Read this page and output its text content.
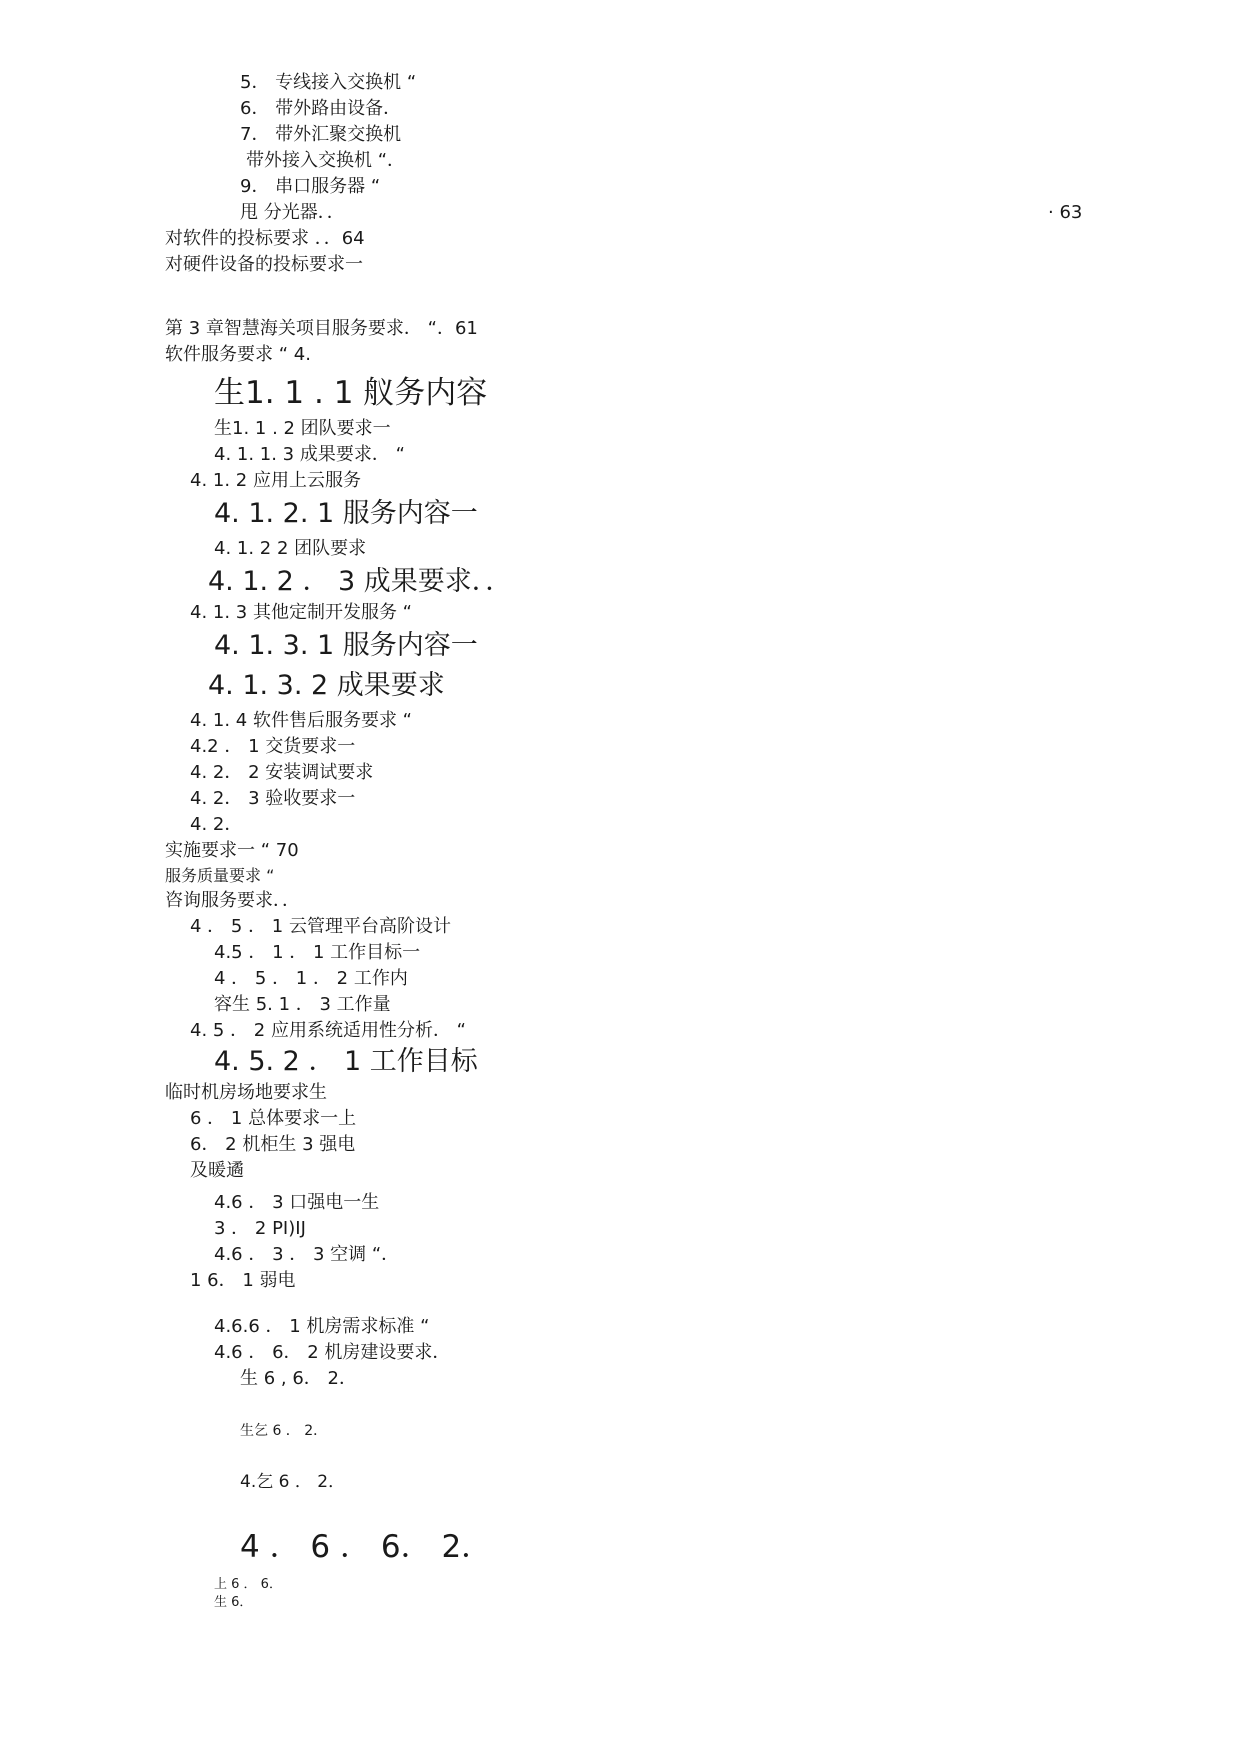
5． 专线接入交换机 “
6． 带外路由设备．
7． 带外汇聚交换机
带外接入交换机 “．
9． 串口服务器 “
甩 分光器．．	· 63
对软件的投标要求 ．．64
对硬件设备的投标要求一
第 3 章智慧海关项目服务要求． “．61
软件服务要求 “ 4.
生1. 1 . 1 舣务内容
生1. 1 . 2 团队要求一
4. 1. 1. 3 成果要求． “
4. 1. 2 应用上云服务
4. 1. 2. 1 服务内容一
4. 1. 2 2 团队要求
4. 1. 2 ． 3 成果要求．．
4. 1. 3 其他定制开发服务 “
4. 1. 3. 1 服务内容一
4. 1. 3. 2 成果要求
4. 1. 4 软件售后服务要求 “
4.2 ． 1 交货要求一
4. 2． 2 安装调试要求
4. 2． 3 验收要求一
4. 2．
实施要求一 “ 70
服务质量要求 “
咨询服务要求．．
4 ． 5 ． 1 云管理平台高阶设计
4.5 ． 1 ． 1 工作目标一
4 ． 5 ． 1 ． 2 工作内
容生 5. 1 ． 3 工作量
4. 5 ． 2 应用系统适用性分析． “
4. 5. 2 ． 1 工作目标
临时机房场地要求生
6 ． 1 总体要求一上
6． 2 机柜生 3 强电
及暖遹
4.6 ． 3 口强电一生
3 ． 2 PI)IJ
4.6 ． 3 ． 3 空调 “．
1 6． 1 弱电
4.6.6 ． 1 机房需求标准 “
4.6 ． 6． 2 机房建设要求．
生 6 , 6． 2．
生乞 6 ． 2．
4.乞 6 ． 2．
4 ． 6 ． 6． 2．
上 6 ． 6．
生 6．
